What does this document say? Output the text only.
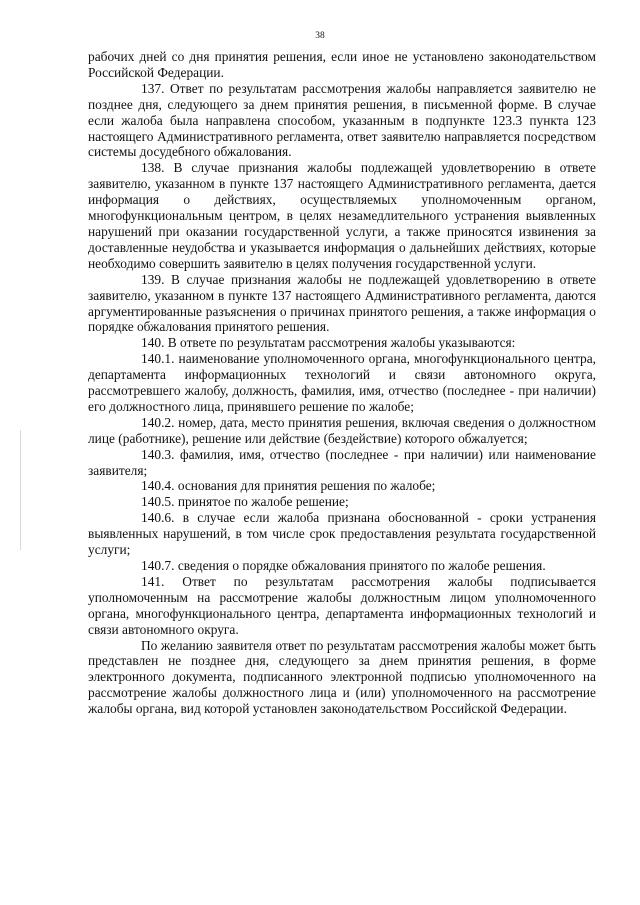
38

рабочих дней со дня принятия решения, если иное не установлено законодательством Российской Федерации.

137. Ответ по результатам рассмотрения жалобы направляется заявителю не позднее дня, следующего за днем принятия решения, в письменной форме. В случае если жалоба была направлена способом, указанным в подпункте 123.3 пункта 123 настоящего Административного регламента, ответ заявителю направляется посредством системы досудебного обжалования.

138. В случае признания жалобы подлежащей удовлетворению в ответе заявителю, указанном в пункте 137 настоящего Административного регламента, дается информация о действиях, осуществляемых уполномоченным органом, многофункциональным центром, в целях незамедлительного устранения выявленных нарушений при оказании государственной услуги, а также приносятся извинения за доставленные неудобства и указывается информация о дальнейших действиях, которые необходимо совершить заявителю в целях получения государственной услуги.

139. В случае признания жалобы не подлежащей удовлетворению в ответе заявителю, указанном в пункте 137 настоящего Административного регламента, даются аргументированные разъяснения о причинах принятого решения, а также информация о порядке обжалования принятого решения.

140. В ответе по результатам рассмотрения жалобы указываются:

140.1. наименование уполномоченного органа, многофункционального центра, департамента информационных технологий и связи автономного округа, рассмотревшего жалобу, должность, фамилия, имя, отчество (последнее - при наличии) его должностного лица, принявшего решение по жалобе;

140.2. номер, дата, место принятия решения, включая сведения о должностном лице (работнике), решение или действие (бездействие) которого обжалуется;

140.3. фамилия, имя, отчество (последнее - при наличии) или наименование заявителя;

140.4. основания для принятия решения по жалобе;

140.5. принятое по жалобе решение;

140.6. в случае если жалоба признана обоснованной - сроки устранения выявленных нарушений, в том числе срок предоставления результата государственной услуги;

140.7. сведения о порядке обжалования принятого по жалобе решения.

141. Ответ по результатам рассмотрения жалобы подписывается уполномоченным на рассмотрение жалобы должностным лицом уполномоченного органа, многофункционального центра, департамента информационных технологий и связи автономного округа.

По желанию заявителя ответ по результатам рассмотрения жалобы может быть представлен не позднее дня, следующего за днем принятия решения, в форме электронного документа, подписанного электронной подписью уполномоченного на рассмотрение жалобы должностного лица и (или) уполномоченного на рассмотрение жалобы органа, вид которой установлен законодательством Российской Федерации.
